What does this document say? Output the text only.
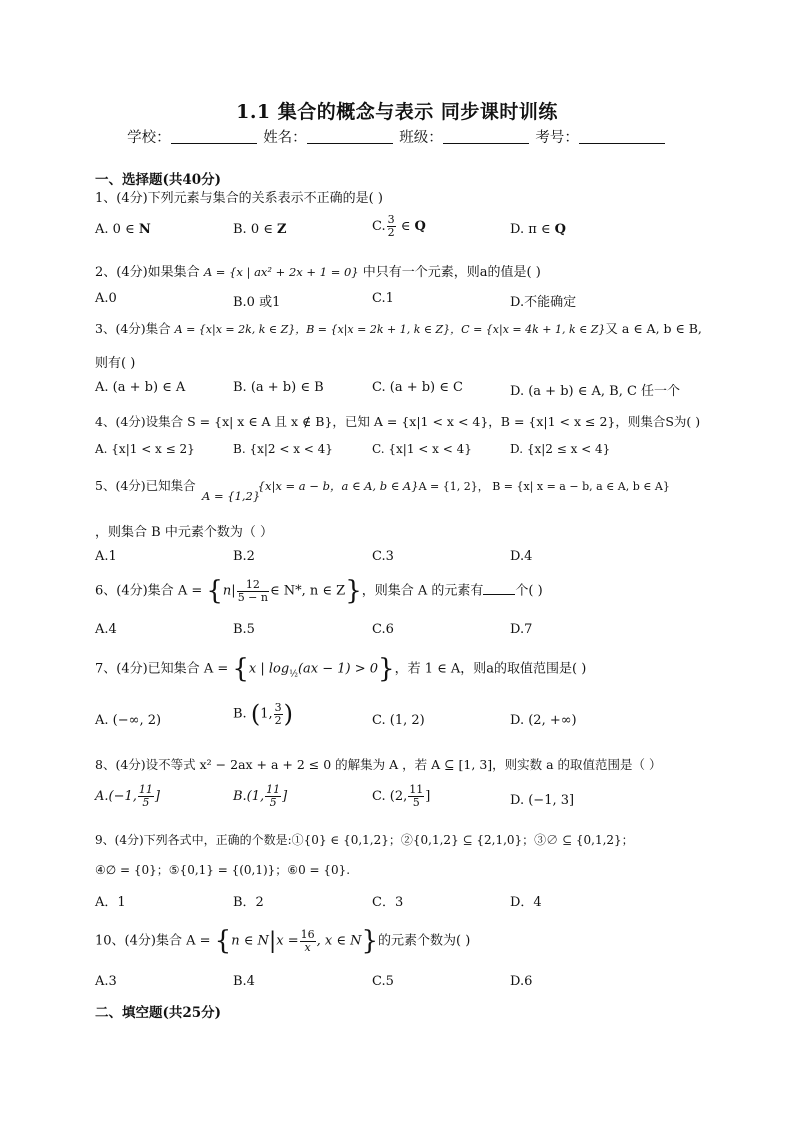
1.1 集合的概念与表示 同步课时训练
学校：	姓名：	班级：	考号：
一、选择题(共40分)
1、(4分)下列元素与集合的关系表示不正确的是( )
A. 0 ∈ N	B. 0 ∈ Z	C. $\frac{3}{2}$ ∈ Q	D. π ∈ Q
2、(4分)如果集合 A = {x | ax² + 2x + 1 = 0} 中只有一个元素，则a的值是( )
A.0	B.0 或1	C.1	D.不能确定
3、(4分)集合 A = {x|x = 2k, k ∈ Z}，B = {x|x = 2k + 1, k ∈ Z}，C = {x|x = 4k + 1, k ∈ Z}又 a ∈ A, b ∈ B,
则有( )
A. (a + b) ∈ A	B. (a + b) ∈ B	C. (a + b) ∈ C	D. (a + b) ∈ A, B, C 任一个
4、(4分)设集合 S = {x| x ∈ A 且 x ∉ B}，已知 A = {x|1 < x < 4}，B = {x|1 < x ≤ 2}，则集合S为( )
A. {x|1 < x ≤ 2}	B. {x|2 < x < 4}	C. {x|1 < x < 4}	D. {x|2 ≤ x < 4}
5、(4分)已知集合	{x|x = a − b，a ∈ A, b ∈ A}A = {1, 2}， B = {x| x = a − b, a ∈ A, b ∈ A}
A = {1,2}
，则集合 B 中元素个数为（ ）
A.1	B.2	C.3	D.4
6、(4分)集合 $A = \{n| \frac{12}{5 - n}$ ∈ N*, n ∈ Z}，则集合 A 的元素有 个( )
A.4	B.5	C.6	D.7
7、(4分)已知集合 A = {x | $\log_{\frac{1}{2}}(ax - 1) > 0$}，若 1 ∈ A，则a的取值范围是( )
A. (−∞, 2)	B. (1, $\frac{3}{2}$ )	C. (1, 2)	D. (2, +∞)
8、(4分)设不等式 x² − 2ax + a + 2 ≤ 0 的解集为 A ，若 A ⊆ [1, 3]，则实数 a 的取值范围是（ ）
A.(−1, $\frac{11}{5}$ ]	B.(1, $\frac{11}{5}$ ]	C. (2, $\frac{11}{5}$ ]	D. (−1, 3]
9、(4分)下列各式中，正确的个数是:①{0} ∈ {0,1,2}；②{0,1,2} ⊆ {2,1,0}；③∅ ⊆ {0,1,2}；
④∅ = {0}；⑤{0,1} = {(0,1)}；⑥0 = {0}.
A．1	B．2	C．3	D．4
10、(4分)集合 A = {n ∈ $N|x = \frac{16}{x}$ , x ∈ N}的元素个数为( )
A.3	B.4	C.5	D.6
二、填空题(共25分)
